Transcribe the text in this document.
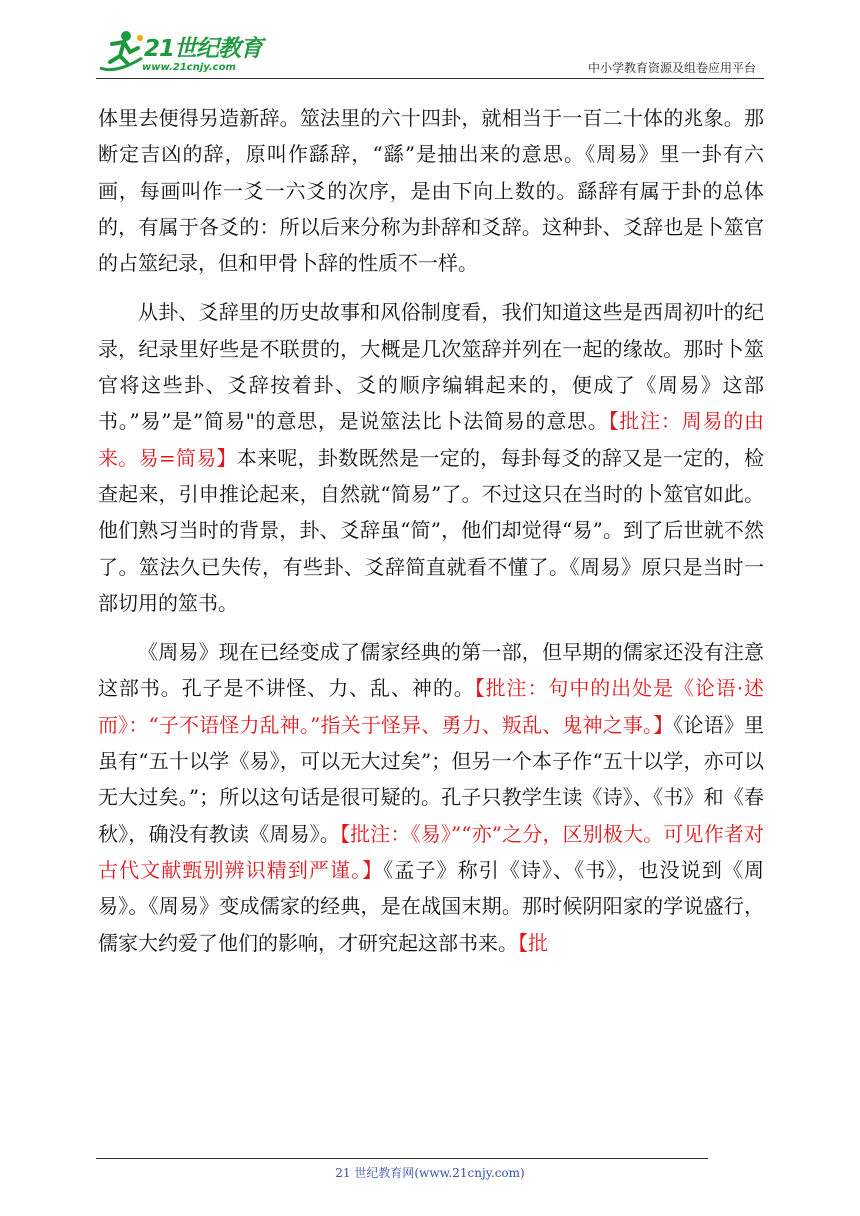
21世纪教育
www.21cnjy.com	中小学教育资源及组卷应用平台

体里去便得另造新辞。筮法里的六十四卦，就相当于一百二十体的兆象。那断定吉凶的辞，原叫作繇辞，“繇”是抽出来的意思。《周易》里一卦有六画，每画叫作一爻一六爻的次序，是由下向上数的。繇辞有属于卦的总体的，有属于各爻的：所以后来分称为卦辞和爻辞。这种卦、爻辞也是卜筮官的占筮纪录，但和甲骨卜辞的性质不一样。

从卦、爻辞里的历史故事和风俗制度看，我们知道这些是西周初叶的纪录，纪录里好些是不联贯的，大概是几次筮辞并列在一起的缘故。那时卜筮官将这些卦、爻辞按着卦、爻的顺序编辑起来的，便成了《周易》这部书。”易”是”简易"的意思，是说筮法比卜法简易的意思。【批注：周易的由来。易=简易】本来呢，卦数既然是一定的，每卦每爻的辞又是一定的，检查起来，引申推论起来，自然就“简易”了。不过这只在当时的卜筮官如此。他们熟习当时的背景，卦、爻辞虽“简”，他们却觉得“易”。到了后世就不然了。筮法久已失传，有些卦、爻辞简直就看不懂了。《周易》原只是当时一部切用的筮书。

《周易》现在已经变成了儒家经典的第一部，但早期的儒家还没有注意这部书。孔子是不讲怪、力、乱、神的。【批注：句中的出处是《论语·述而》：“子不语怪力乱神。”指关于怪异、勇力、叛乱、鬼神之事。】《论语》里虽有“五十以学《易》，可以无大过矣”；但另一个本子作“五十以学，亦可以无大过矣。”；所以这句话是很可疑的。孔子只教学生读《诗》、《书》和《春秋》，确没有教读《周易》。【批注：《易》”“亦”之分，区别极大。可见作者对古代文献甄别辨识精到严谨。】《孟子》称引《诗》、《书》，也没说到《周易》。《周易》变成儒家的经典，是在战国末期。那时候阴阳家的学说盛行，儒家大约爱了他们的影响，才研究起这部书来。【批

21 世纪教育网(www.21cnjy.com)
